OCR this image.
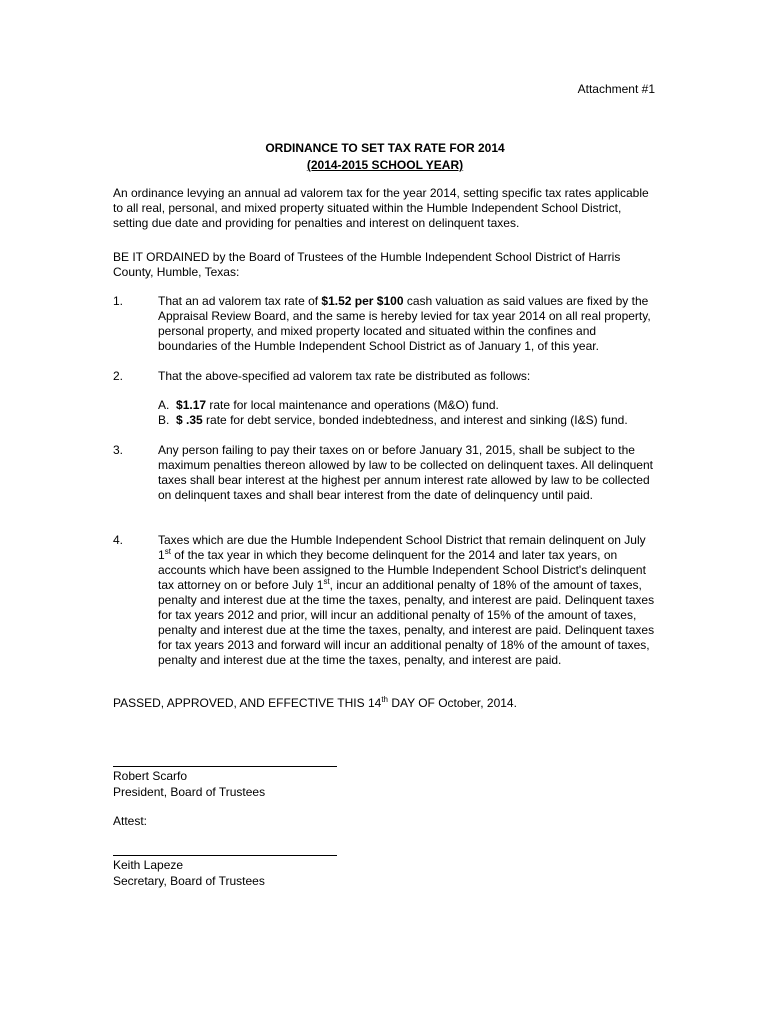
Attachment #1
ORDINANCE TO SET TAX RATE FOR 2014
(2014-2015 SCHOOL YEAR)
An ordinance levying an annual ad valorem tax for the year 2014, setting specific tax rates applicable to all real, personal, and mixed property situated within the Humble Independent School District, setting due date and providing for penalties and interest on delinquent taxes.
BE IT ORDAINED by the Board of Trustees of the Humble Independent School District of Harris County, Humble, Texas:
1.	That an ad valorem tax rate of $1.52 per $100 cash valuation as said values are fixed by the Appraisal Review Board, and the same is hereby levied for tax year 2014 on all real property, personal property, and mixed property located and situated within the confines and boundaries of the Humble Independent School District as of January 1, of this year.
2.	That the above-specified ad valorem tax rate be distributed as follows:
A. $1.17 rate for local maintenance and operations (M&O) fund.
B. $ .35 rate for debt service, bonded indebtedness, and interest and sinking (I&S) fund.
3.	Any person failing to pay their taxes on or before January 31, 2015, shall be subject to the maximum penalties thereon allowed by law to be collected on delinquent taxes. All delinquent taxes shall bear interest at the highest per annum interest rate allowed by law to be collected on delinquent taxes and shall bear interest from the date of delinquency until paid.
4.	Taxes which are due the Humble Independent School District that remain delinquent on July 1st of the tax year in which they become delinquent for the 2014 and later tax years, on accounts which have been assigned to the Humble Independent School District's delinquent tax attorney on or before July 1st, incur an additional penalty of 18% of the amount of taxes, penalty and interest due at the time the taxes, penalty, and interest are paid. Delinquent taxes for tax years 2012 and prior, will incur an additional penalty of 15% of the amount of taxes, penalty and interest due at the time the taxes, penalty, and interest are paid. Delinquent taxes for tax years 2013 and forward will incur an additional penalty of 18% of the amount of taxes, penalty and interest due at the time the taxes, penalty, and interest are paid.
PASSED, APPROVED, AND EFFECTIVE THIS 14th DAY OF October, 2014.
Robert Scarfo
President, Board of Trustees
Attest:
Keith Lapeze
Secretary, Board of Trustees
